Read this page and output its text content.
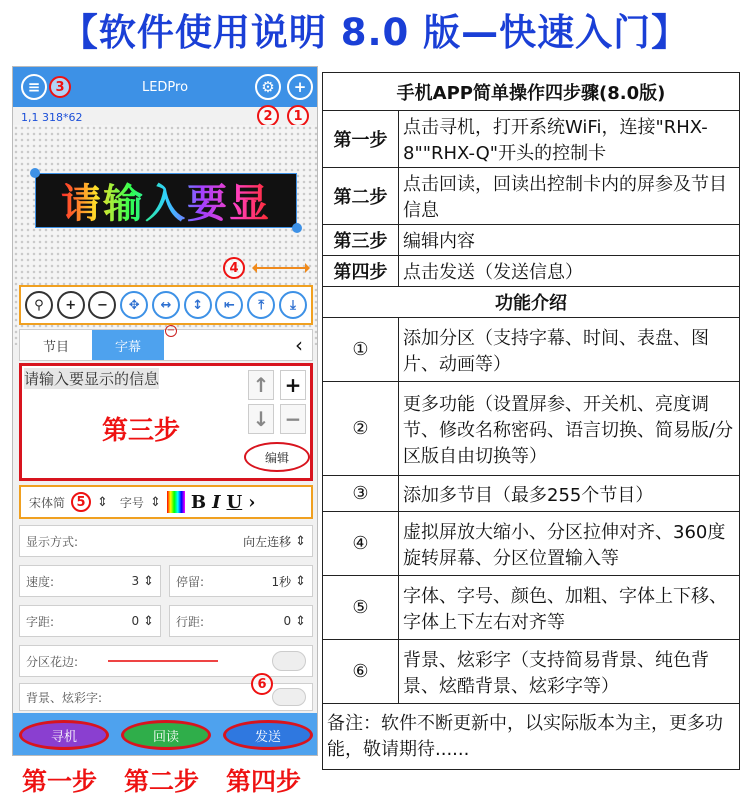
【软件使用说明 8.0 版—快速入门】
LEDPro
≡	3	⚙	+
2	1
1,1 318*62
请输入要显
4
⚲	+	−	✥	↔	↕	⇤	⤒	⤓
节目	字幕	‹
−
请输入要显示的信息
第三步
↑ +
↓ −
编辑
宋体简 5 ⇕ 字号 ⇕ B I U ›
显示方式:	向左连移 ⇕
速度:	3 ⇕ 停留:	1秒 ⇕
字距:	0 ⇕ 行距:	0 ⇕
分区花边:
背景、炫彩字:
6
寻机	回读	发送
第一步 第二步 第四步
手机APP简单操作四步骤(8.0版)	
第一步	点击寻机，打开系统WiFi，连接"RHX-8""RHX-Q"开头的控制卡
第二步	点击回读，回读出控制卡内的屏参及节目信息
第三步	编辑内容
第四步	点击发送（发送信息）
功能介绍	
①	添加分区（支持字幕、时间、表盘、图片、动画等）
②	更多功能（设置屏参、开关机、亮度调节、修改名称密码、语言切换、简易版/分区版自由切换等）
③	添加多节目（最多255个节目）
④	虚拟屏放大缩小、分区拉伸对齐、360度旋转屏幕、分区位置输入等
⑤	字体、字号、颜色、加粗、字体上下移、字体上下左右对齐等
⑥	背景、炫彩字（支持简易背景、纯色背景、炫酷背景、炫彩字等）
备注：软件不断更新中，以实际版本为主，更多功能，敬请期待......	
